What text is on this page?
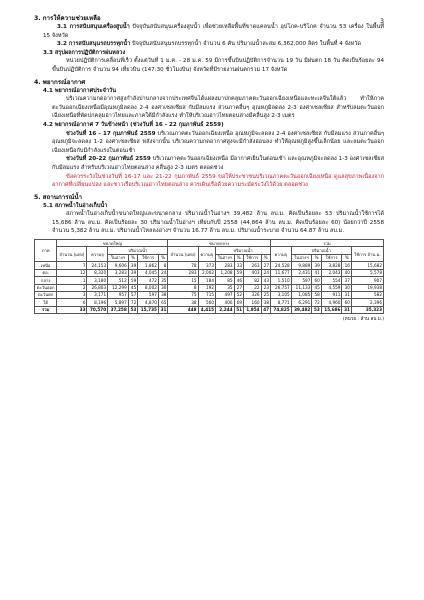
3

3. การให้ความช่วยเหลือ

3.1 การสนับสนุนเครื่องสูบน้ำ ปัจจุบันสนับสนุนเครื่องสูบน้ำ เพื่อช่วยเหลือพื้นที่ขาดแคลนน้ำ อุปโภค-บริโภค จำนวน 53 เครื่อง ในพื้นที่ 15 จังหวัด

3.2 การสนับสนุนรถบรรทุกน้ำ ปัจจุบันสนับสนุนรถบรรทุกน้ำ จำนวน 6 คัน ปริมาณน้ำสะสม 6,362,000 ลิตร ในพื้นที่ 4 จังหวัด

3.3 สรุปผลการปฏิบัติการฝนหลวง

หน่วยปฏิบัติการเคลื่อนที่เร็ว ตั้งแต่วันที่ 1 ม.ค. - 28 ม.ค. 59 มีการขึ้นบินปฏิบัติการจำนวน 19 วัน มีฝนตก 18 วัน คิดเป็นร้อยละ 94 ขึ้นบินปฏิบัติการ จำนวน 94 เที่ยวบิน (147:30 ชั่วโมงบิน) จังหวัดที่มีรายงานฝนตกรวม 17 จังหวัด

4. พยากรณ์อากาศ

4.1 พยากรณ์อากาศประจำวัน

บริเวณความกดอากาศสูงกำลังปานกลางจากประเทศจีนได้แผ่ลงมาปกคลุมภาคตะวันออกเฉียงเหนือและทะเลจีนใต้แล้ว ทำให้ภาคตะวันออกเฉียงเหนือมีอุณหภูมิลดลง 2-4 องศาเซลเซียส กับมีลมแรง ส่วนภาคอื่นๆ อุณหภูมิลดลง 2-3 องศาเซลเซียส สำหรับลมตะวันออกเฉียงเหนือที่พัดปกคลุมอ่าวไทยและภาคใต้มีกำลังแรง ทำให้บริเวณอ่าวไทยตอนล่างมีคลื่นสูง 2-3 เมตร

4.2 พยากรณ์อากาศ 7 วันข้างหน้า (ช่วงวันที่ 16 - 22 กุมภาพันธ์ 2559)

ช่วงวันที่ 16 - 17 กุมภาพันธ์ 2559 บริเวณภาคตะวันออกเฉียงเหนือ อุณหภูมิจะลดลง 2-4 องศาเซลเซียส กับมีลมแรง ส่วนภาคอื่นๆ อุณหภูมิจะลดลง 1-2 องศาเซลเซียส หลังจากนั้น บริเวณความกดอากาศสูงจะมีกำลังอ่อนลง ทำให้อุณหภูมิสูงขึ้นเล็กน้อย และลมตะวันออกเฉียงเหนือกับมีกำลังแรงในตอนเช้า

ช่วงวันที่ 20-22 กุมภาพันธ์ 2559 บริเวณภาคตะวันออกเฉียงเหนือ มีอากาศเย็นในตอนเช้า และอุณหภูมิจะลดลง 1-3 องศาเซลเซียส กับมีลมแรง สำหรับบริเวณอ่าวไทยตอนล่าง คลื่นสูง 2-3 เมตร ตลอดช่วง

ข้อควรระวังในช่วงวันที่ 16-17 และ 21-22 กุมภาพันธ์ 2559 ขอให้ประชาชนบริเวณภาคตะวันออกเฉียงเหนือ ดูแลสุขภาพเนื่องจากอากาศที่เปลี่ยนแปลง และชาวเรือบริเวณอ่าวไทยตอนล่าง ควรเดินเรือด้วยความระมัดระวังไว้ด้วย ตลอดช่วง

5. สถานการณ์น้ำ

5.1 สภาพน้ำในอ่างเก็บน้ำ

สภาพน้ำในอ่างเก็บน้ำขนาดใหญ่และขนาดกลาง ปริมาณน้ำในอ่างฯ 39,482 ล้าน ลบ.ม. คิดเป็นร้อยละ 53 ปริมาณน้ำใช้การได้ 15,686 ล้าน ลบ.ม. คิดเป็นร้อยละ 30 ปริมาณน้ำในอ่างฯ เทียบกับปี 2558 (44,864 ล้าน ลบ.ม. คิดเป็นร้อยละ 60) น้อยกว่าปี 2558 จำนวน 5,382 ล้าน ลบ.ม. ปริมาณน้ำไหลลงอ่างฯ จำนวน 16.77 ล้าน ลบ.ม. ปริมาณน้ำระบาย จำนวน 64.87 ล้าน ลบ.ม.

ภาค	ขนาดใหญ่						ขนาดกลาง						รวม					
	จำนวน (แห่ง)	ความจุ	ปริมาณน้ำ				จำนวน (แห่ง)	ความจุ	ปริมาณน้ำ				ความจุ	ปริมาณน้ำ				ใช้การ ล้าน ม.
			ในอ่างฯ	%	ใช้การ	%			ในอ่างฯ	%	ใช้การ	%		ในอ่างฯ	%	ใช้การ	%	
เหนือ	7	24,153	9,606	39	1,862	8	78	373	283	33	263	27	24,528	9,889	39	3,828	16	15,682
ตอ.	12	8,320	3,283	39	4,045	24	283	2,002	1,208	59	403	24	11,677	2,431	41	2,043	40	5,578
กลาง	1	3,180	512	59	472	35	15	184	85	46	82	43	1,510	597	60	554	37	907
ตะวันออก	2	26,803	12,299	45	8,002	30	8	192	35	27	22	23	26,757	11,133	45	4,559	30	19,938
ตะวันตก	3	3,171	957	57	597	38	75	715	497	52	326	25	3,105	1,085	58	911	31	582
ใต้	6	8,196	5,897	72	4,870	65	38	560	406	69	160	38	8,771	6,291	72	4,960	60	2,396
รวม	33	70,570	37,258	53	15,735	31	448	4,415	2,244	51	1,954	47	74,825	39,482	53	15,686	31	35,323
(หน่วย : ล้าน ลบ.ม.)
